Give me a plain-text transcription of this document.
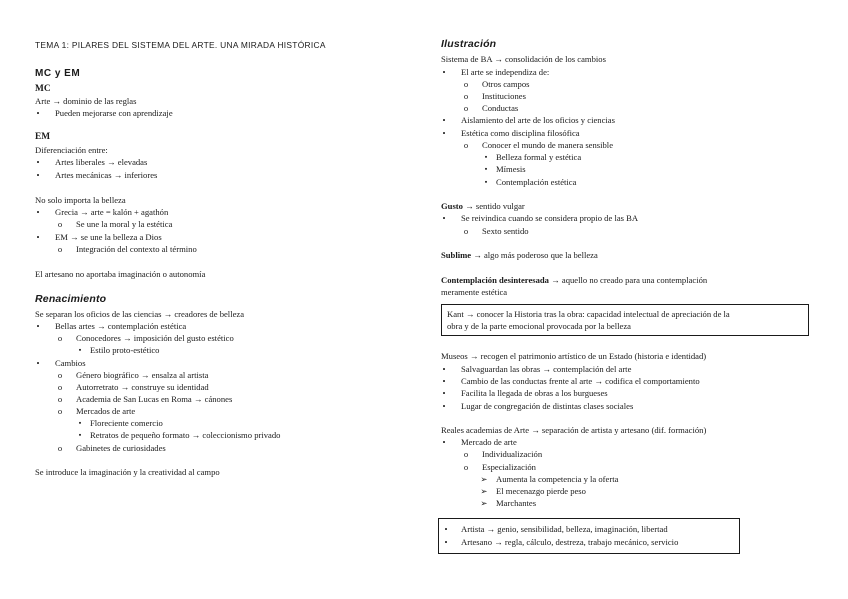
TEMA 1: PILARES DEL SISTEMA DEL ARTE. UNA MIRADA HISTÓRICA
MC y EM
MC
Arte → dominio de las reglas
•	Pueden mejorarse con aprendizaje
EM
Diferenciación entre:
•	Artes liberales → elevadas
•	Artes mecánicas → inferiores
No solo importa la belleza
•	Grecia → arte = kalón + agathón
o	Se une la moral y la estética
•	EM → se une la belleza a Dios
o	Integración del contexto al término
El artesano no aportaba imaginación o autonomía
Renacimiento
Se separan los oficios de las ciencias → creadores de belleza
•	Bellas artes → contemplación estética
o	Conocedores → imposición del gusto estético
▪	Estilo proto-estético
•	Cambios
o	Género biográfico → ensalza al artista
o	Autorretrato → construye su identidad
o	Academia de San Lucas en Roma → cánones
o	Mercados de arte
▪	Floreciente comercio
▪	Retratos de pequeño formato → coleccionismo privado
o	Gabinetes de curiosidades
Se introduce la imaginación y la creatividad al campo
Ilustración
Sistema de BA → consolidación de los cambios
•	El arte se independiza de:
o	Otros campos
o	Instituciones
o	Conductas
•	Aislamiento del arte de los oficios y ciencias
•	Estética como disciplina filosófica
o	Conocer el mundo de manera sensible
▪	Belleza formal y estética
▪	Mímesis
▪	Contemplación estética
Gusto → sentido vulgar
•	Se reivindica cuando se considera propio de las BA
o	Sexto sentido
Sublime → algo más poderoso que la belleza
Contemplación desinteresada → aquello no creado para una contemplación
meramente estética
Kant → conocer la Historia tras la obra: capacidad intelectual de apreciación de la
obra y de la parte emocional provocada por la belleza
Museos → recogen el patrimonio artístico de un Estado (historia e identidad)
•	Salvaguardan las obras → contemplación del arte
•	Cambio de las conductas frente al arte → codifica el comportamiento
•	Facilita la llegada de obras a los burgueses
•	Lugar de congregación de distintas clases sociales
Reales academias de Arte → separación de artista y artesano (dif. formación)
•	Mercado de arte
o	Individualización
o	Especialización
➢ Aumenta la competencia y la oferta
➢ El mecenazgo pierde peso
➢ Marchantes
•	Artista → genio, sensibilidad, belleza, imaginación, libertad
•	Artesano → regla, cálculo, destreza, trabajo mecánico, servicio
